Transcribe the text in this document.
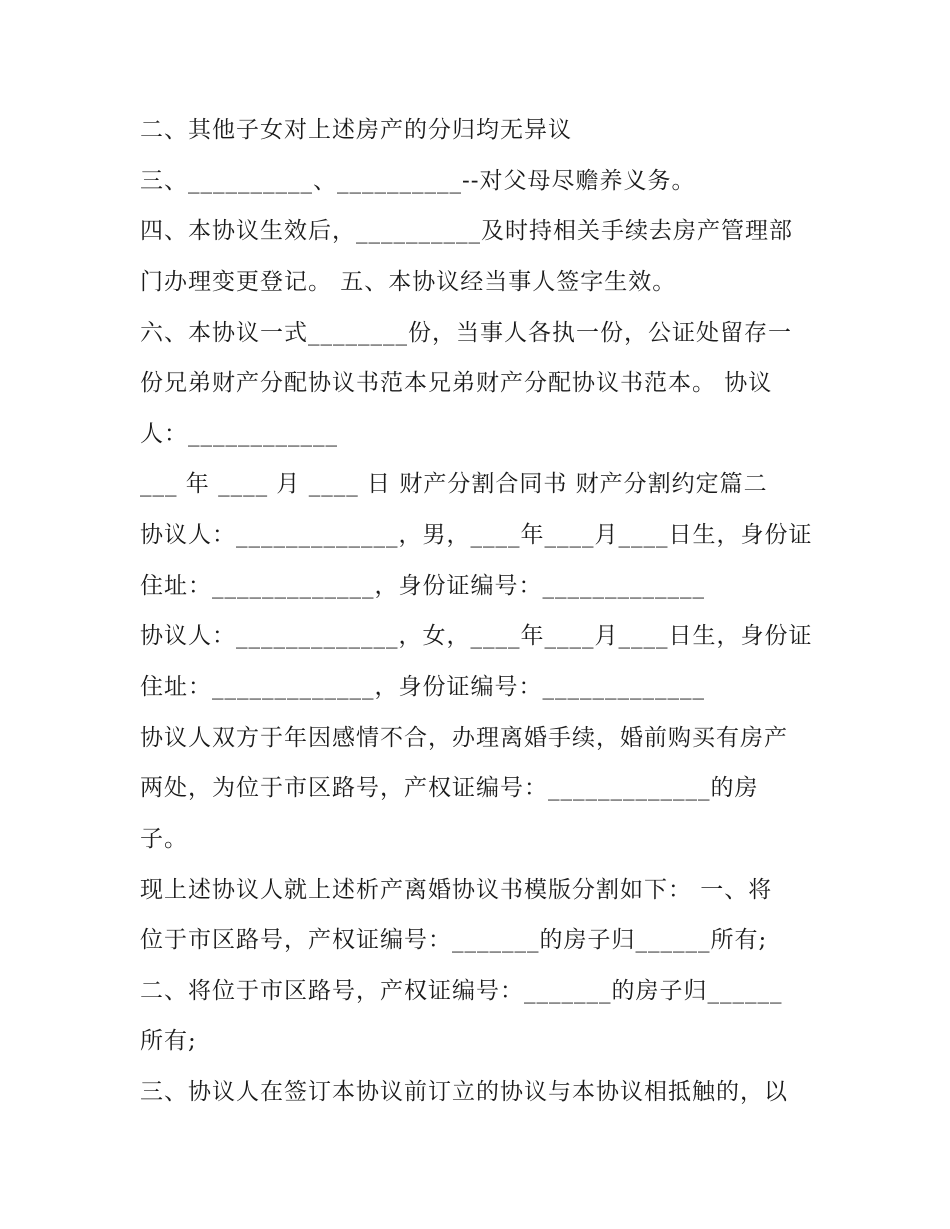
二、其他子女对上述房产的分归均无异议
三、__________、__________--对父母尽赡养义务。
四、本协议生效后，__________及时持相关手续去房产管理部
门办理变更登记。 五、本协议经当事人签字生效。
六、本协议一式________份，当事人各执一份，公证处留存一
份兄弟财产分配协议书范本兄弟财产分配协议书范本。 协议
人：____________
___ 年 ____ 月 ____ 日 财产分割合同书 财产分割约定篇二
协议人：_____________，男，____年____月____日生，身份证
住址：_____________，身份证编号：_____________
协议人：_____________，女，____年____月____日生，身份证
住址：_____________，身份证编号：_____________
协议人双方于年因感情不合，办理离婚手续，婚前购买有房产
两处，为位于市区路号，产权证编号：_____________的房
子。
现上述协议人就上述析产离婚协议书模版分割如下： 一、将
位于市区路号，产权证编号：_______的房子归______所有;
二、将位于市区路号，产权证编号：_______的房子归______
所有;
三、协议人在签订本协议前订立的协议与本协议相抵触的，以
